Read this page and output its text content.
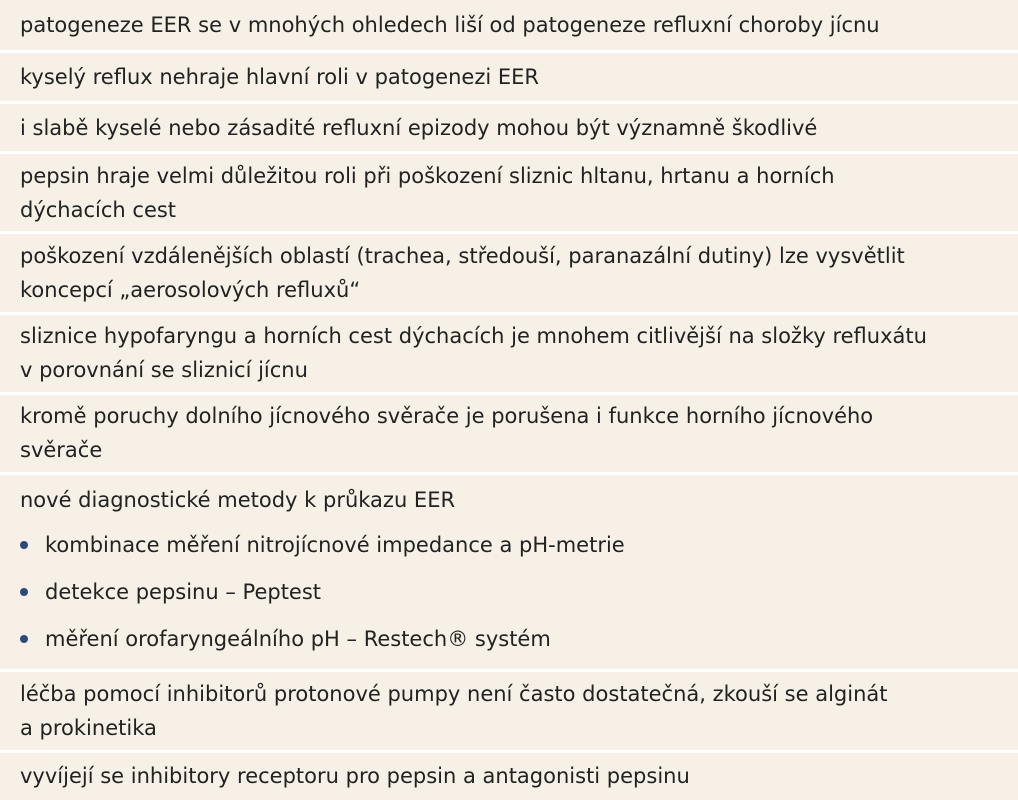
patogeneze EER se v mnohých ohledech liší od patogeneze refluxní choroby jícnu
kyselý reflux nehraje hlavní roli v patogenezi EER
i slabě kyselé nebo zásadité refluxní epizody mohou být významně škodlivé
pepsin hraje velmi důležitou roli při poškození sliznic hltanu, hrtanu a horních
dýchacích cest
poškození vzdálenějších oblastí (trachea, středouší, paranazální dutiny) lze vysvětlit
koncepcí „aerosolových refluxů“
sliznice hypofaryngu a horních cest dýchacích je mnohem citlivější na složky refluxátu
v porovnání se sliznicí jícnu
kromě poruchy dolního jícnového svěrače je porušena i funkce horního jícnového
svěrače
nové diagnostické metody k průkazu EER
kombinace měření nitrojícnové impedance a pH-metrie
detekce pepsinu – Peptest
měření orofaryngeálního pH – Restech® systém
léčba pomocí inhibitorů protonové pumpy není často dostatečná, zkouší se alginát
a prokinetika
vyvíjejí se inhibitory receptoru pro pepsin a antagonisti pepsinu
